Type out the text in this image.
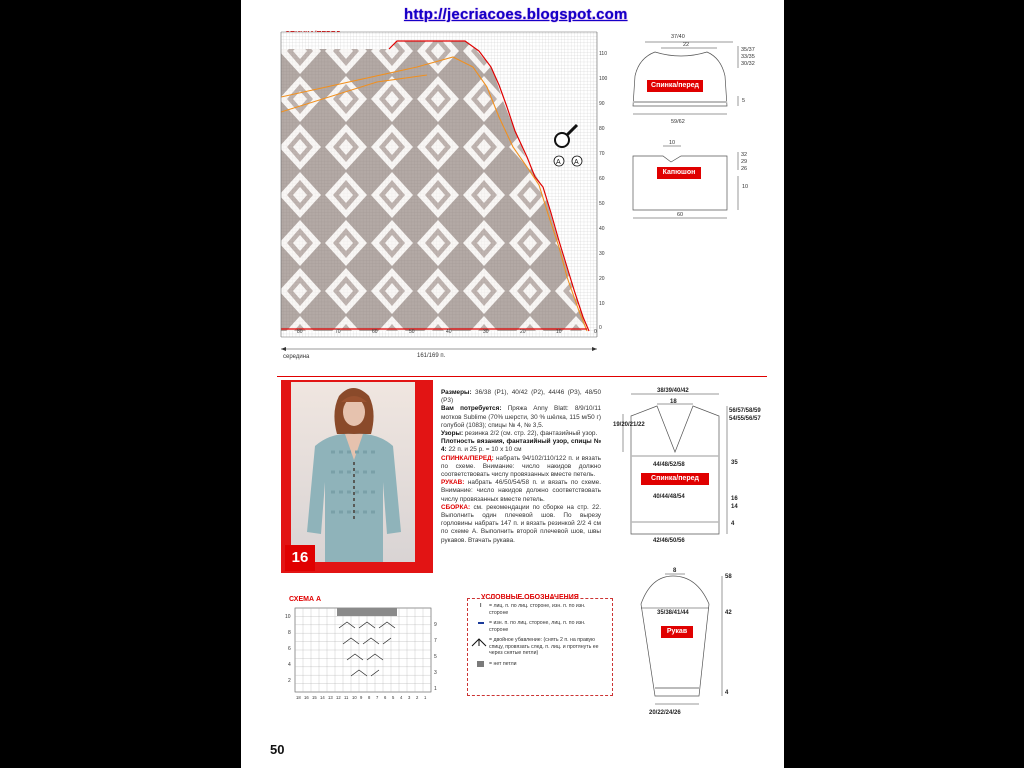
http://jecriacoes.blogspot.com
110
100
90
80
70
60
50
40
30
20
10
0
80	70	60	50	40	30	20	10	0
середина	161/169 п.
A A
37/40
22
35/37
33/35
30/32
5
59/62
Спинка/перед
10
32
29
26
10
60
Капюшон
16
Размеры: 36/38 (P1), 40/42 (P2), 44/46 (P3), 48/50 (P3)
Вам потребуется: Пряжа Anny Blatt: 8/9/10/11 мотков Sublime (70% шерсти, 30 % шёлка, 115 м/50 г) голубой (1083); спицы № 4, № 3,5.
Узоры: резинка 2/2 (см. стр. 22), фантазийный узор.
Плотность вязания, фантазийный узор, спицы № 4: 22 п. и 25 р. = 10 x 10 см
СПИНКА/ПЕРЕД: набрать 94/102/110/122 п. и вязать по схеме. Внимание: число накидов должно соответствовать числу провязанных вместе петель.
РУКАВ: набрать 46/50/54/58 п. и вязать по схеме. Внимание: число накидов должно соответствовать числу провязанных вместе петель.
СБОРКА: см. рекомендации по сборке на стр. 22. Выполнить один плечевой шов. По вырезу горловины набрать 147 п. и вязать резинкой 2/2 4 см по схеме А. Выполнить второй плечевой шов, швы рукавов. Втачать рукава.
38/39/40/42
18
19/20/21/22
56/57/58/59
54/55/56/57
44/48/52/58
40/44/48/54
42/46/50/56
35
16
14
4
Спинка/перед
СХЕМА А
10
8
6
4
2
9
7
5
3
1
18 16 15 14 13 12 11 10 9 8 7 6 5 4 3 2 1
УСЛОВНЫЕ ОБОЗНАЧЕНИЯ
I = лиц. п. по лиц. стороне, изн. п. по изн. стороне
= изн. п. по лиц. стороне, лиц. п. по изн. стороне
= двойное убавление: (снять 2 п. на правую спицу, провязать след. п. лиц. и протянуть ее через снятые петли)
= нет петли
8
35/38/41/44
20/22/24/26
58
42
4
Рукав
50
